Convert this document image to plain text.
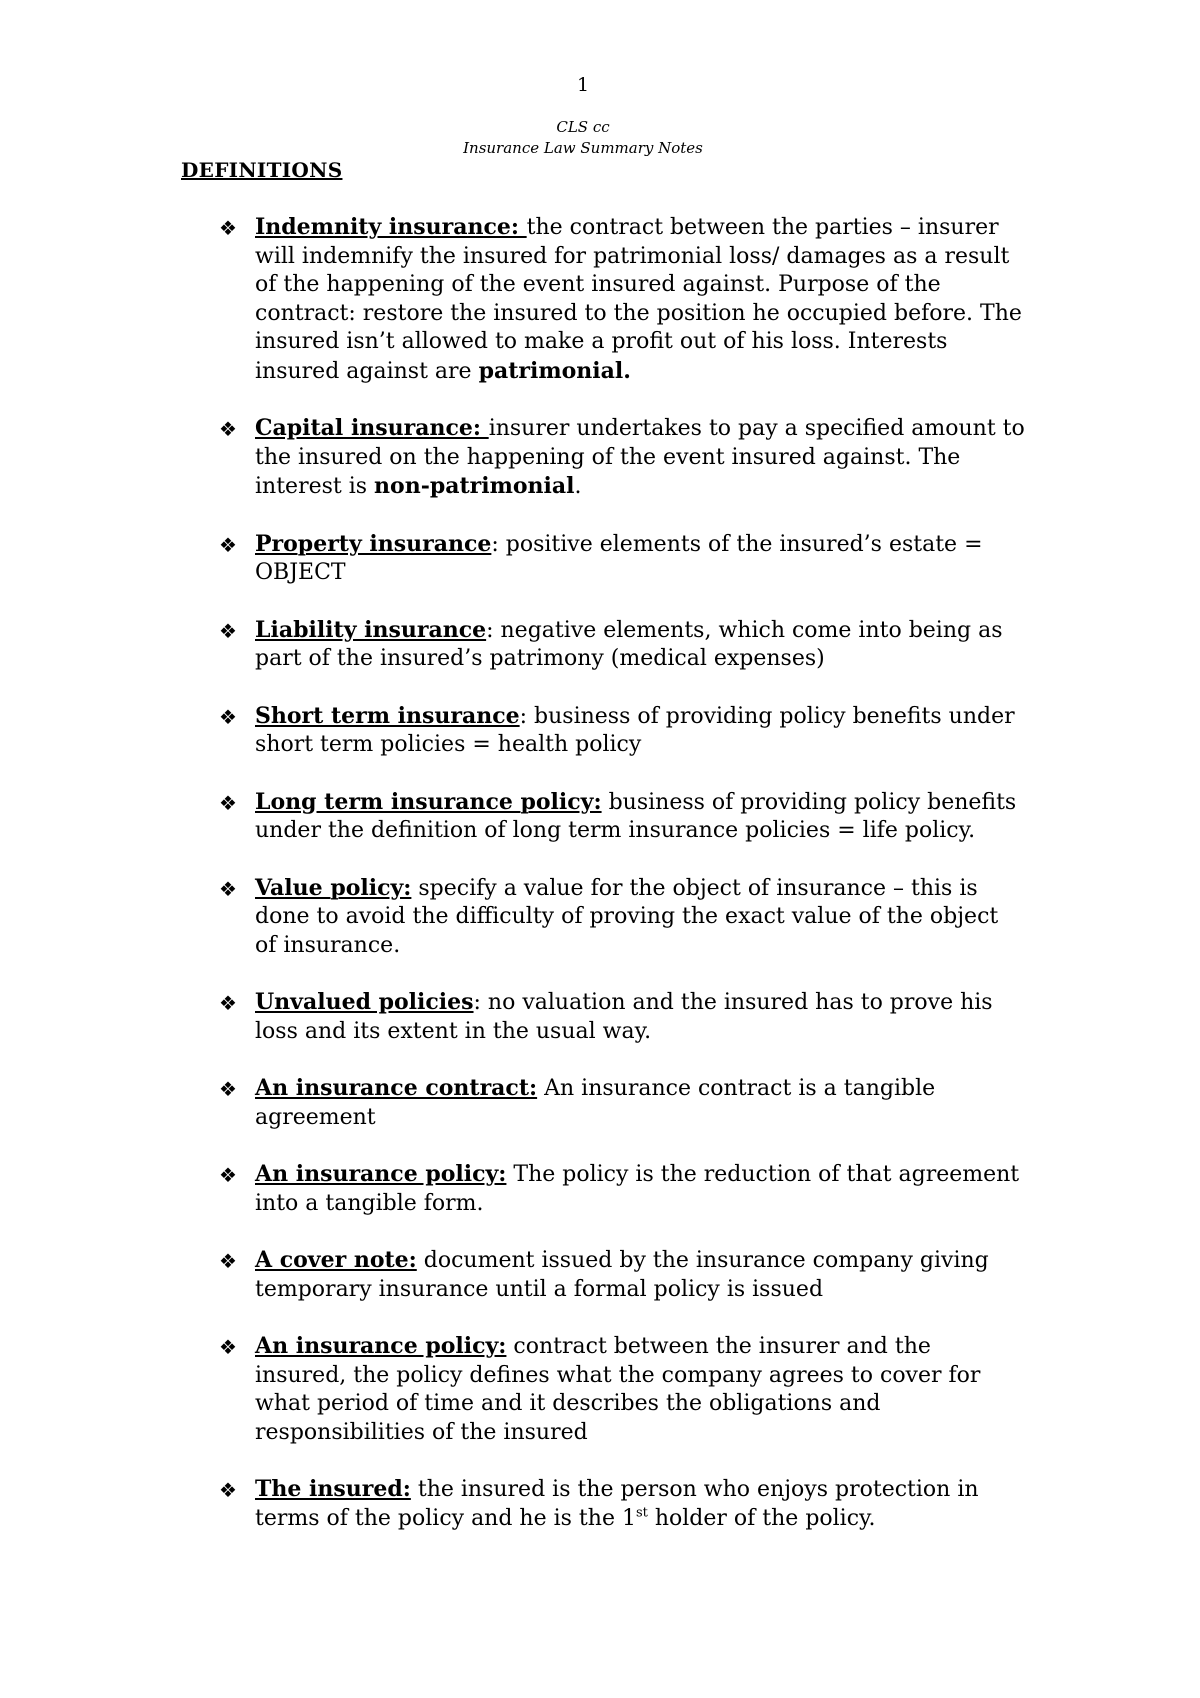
1
CLS cc
Insurance Law Summary Notes
DEFINITIONS
❖ Indemnity insurance: the contract between the parties – insurer will indemnify the insured for patrimonial loss/ damages as a result of the happening of the event insured against. Purpose of the contract: restore the insured to the position he occupied before. The insured isn’t allowed to make a profit out of his loss. Interests insured against are patrimonial.
❖ Capital insurance: insurer undertakes to pay a specified amount to the insured on the happening of the event insured against. The interest is non-patrimonial.
❖ Property insurance: positive elements of the insured’s estate = OBJECT
❖ Liability insurance: negative elements, which come into being as part of the insured’s patrimony (medical expenses)
❖ Short term insurance: business of providing policy benefits under short term policies = health policy
❖ Long term insurance policy: business of providing policy benefits under the definition of long term insurance policies = life policy.
❖ Value policy: specify a value for the object of insurance – this is done to avoid the difficulty of proving the exact value of the object of insurance.
❖ Unvalued policies: no valuation and the insured has to prove his loss and its extent in the usual way.
❖ An insurance contract: An insurance contract is a tangible agreement
❖ An insurance policy: The policy is the reduction of that agreement into a tangible form.
❖ A cover note: document issued by the insurance company giving temporary insurance until a formal policy is issued
❖ An insurance policy: contract between the insurer and the insured, the policy defines what the company agrees to cover for what period of time and it describes the obligations and responsibilities of the insured
❖ The insured: the insured is the person who enjoys protection in terms of the policy and he is the 1st holder of the policy.
